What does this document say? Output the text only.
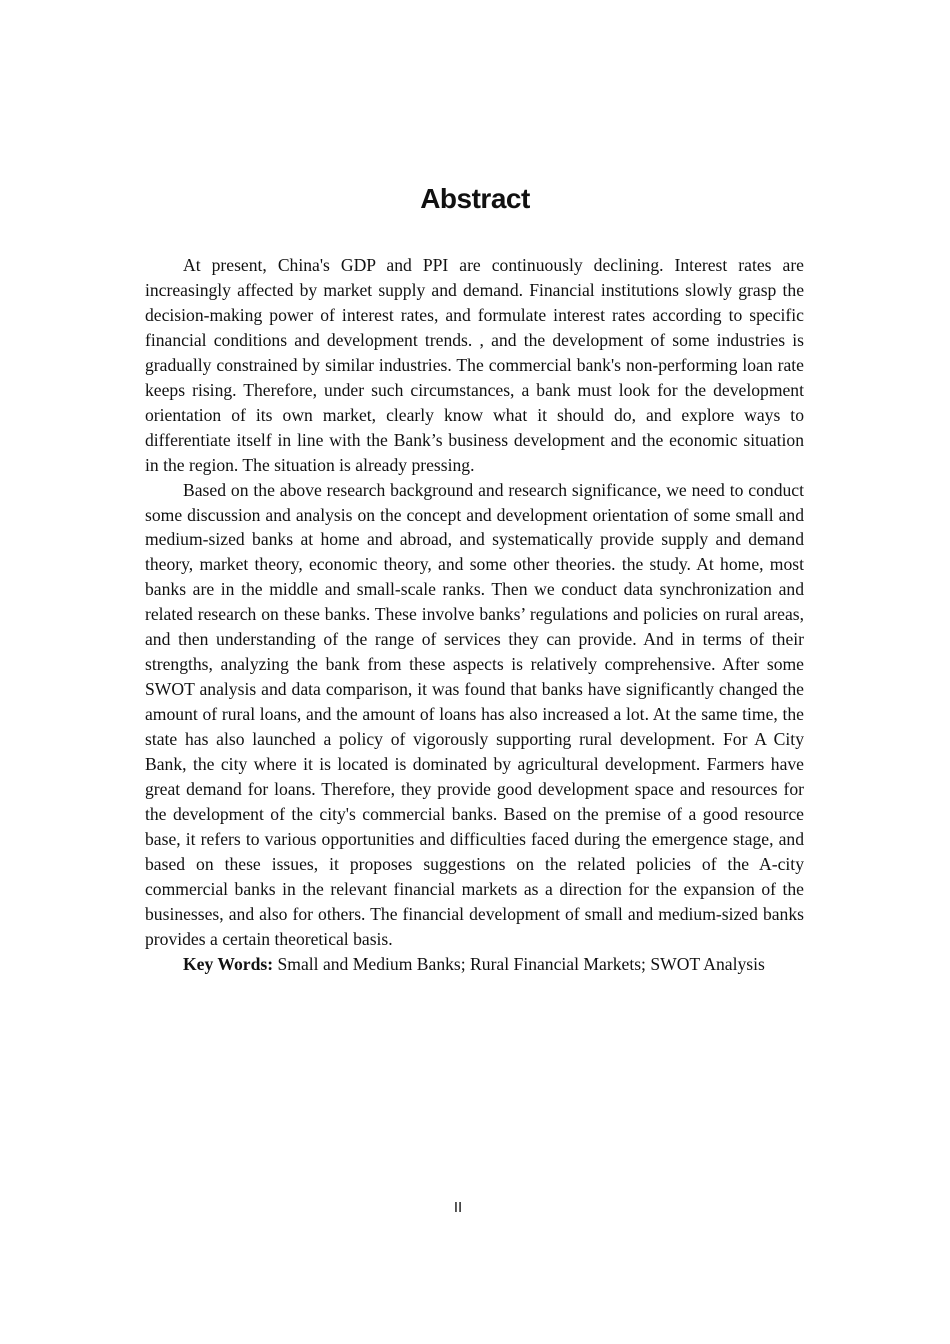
Abstract

At present, China's GDP and PPI are continuously declining. Interest rates are increasingly affected by market supply and demand. Financial institutions slowly grasp the decision-making power of interest rates, and formulate interest rates according to specific financial conditions and development trends. , and the development of some industries is gradually constrained by similar industries. The commercial bank's non-performing loan rate keeps rising. Therefore, under such circumstances, a bank must look for the development orientation of its own market, clearly know what it should do, and explore ways to differentiate itself in line with the Bank’s business development and the economic situation in the region. The situation is already pressing.

Based on the above research background and research significance, we need to conduct some discussion and analysis on the concept and development orientation of some small and medium-sized banks at home and abroad, and systematically provide supply and demand theory, market theory, economic theory, and some other theories. the study. At home, most banks are in the middle and small-scale ranks. Then we conduct data synchronization and related research on these banks. These involve banks’ regulations and policies on rural areas, and then understanding of the range of services they can provide. And in terms of their strengths, analyzing the bank from these aspects is relatively comprehensive. After some SWOT analysis and data comparison, it was found that banks have significantly changed the amount of rural loans, and the amount of loans has also increased a lot. At the same time, the state has also launched a policy of vigorously supporting rural development. For A City Bank, the city where it is located is dominated by agricultural development. Farmers have great demand for loans. Therefore, they provide good development space and resources for the development of the city's commercial banks. Based on the premise of a good resource base, it refers to various opportunities and difficulties faced during the emergence stage, and based on these issues, it proposes suggestions on the related policies of the A-city commercial banks in the relevant financial markets as a direction for the expansion of the businesses, and also for others. The financial development of small and medium-sized banks provides a certain theoretical basis.

Key Words: Small and Medium Banks; Rural Financial Markets; SWOT Analysis

II
